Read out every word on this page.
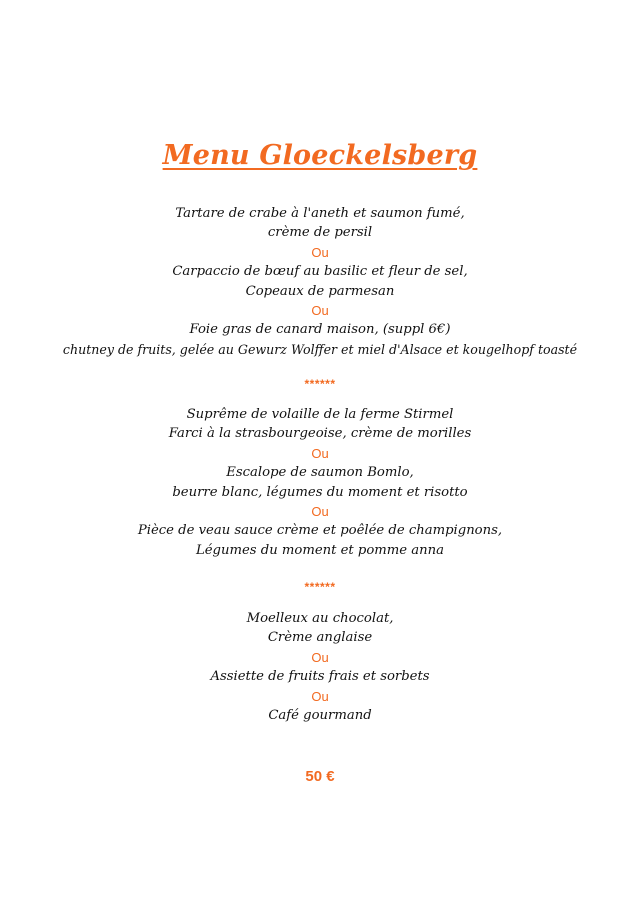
Menu Gloeckelsberg
Tartare de crabe à l'aneth et saumon fumé,
crème de persil
Ou
Carpaccio de bœuf au basilic et fleur de sel,
Copeaux de parmesan
Ou
Foie gras de canard maison, (suppl 6€)
chutney de fruits, gelée au Gewurz Wolffer et miel d'Alsace et kougelhopf toasté
******
Suprême de volaille de la ferme Stirmel
Farci à la strasbourgeoise, crème de morilles
Ou
Escalope de saumon Bomlo,
beurre blanc, légumes du moment et risotto
Ou
Pièce de veau sauce crème et poêlée de champignons,
Légumes du moment et pomme anna
******
Moelleux au chocolat,
Crème anglaise
Ou
Assiette de fruits frais et sorbets
Ou
Café gourmand
50 €
